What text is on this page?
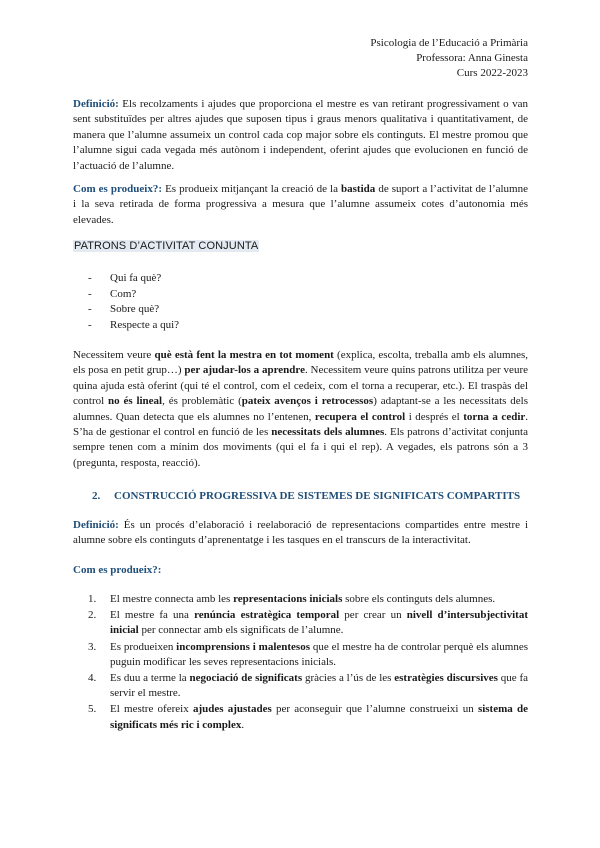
Psicologia de l’Educació a Primària
Professora: Anna Ginesta
Curs 2022-2023

Definició: Els recolzaments i ajudes que proporciona el mestre es van retirant progressivament o van sent substituïdes per altres ajudes que suposen tipus i graus menors qualitativa i quantitativament, de manera que l’alumne assumeix un control cada cop major sobre els continguts. El mestre promou que l’alumne sigui cada vegada més autònom i independent, oferint ajudes que evolucionen en funció de l’actuació de l’alumne.

Com es produeix?: Es produeix mitjançant la creació de la bastida de suport a l’activitat de l’alumne i la seva retirada de forma progressiva a mesura que l’alumne assumeix cotes d’autonomia més elevades.

PATRONS D’ACTIVITAT CONJUNTA
- Qui fa què?
- Com?
- Sobre què?
- Respecte a qui?

Necessitem veure què està fent la mestra en tot moment (explica, escolta, treballa amb els alumnes, els posa en petit grup…) per ajudar-los a aprendre. Necessitem veure quins patrons utilitza per veure quina ajuda està oferint (qui té el control, com el cedeix, com el torna a recuperar, etc.). El traspàs del control no és lineal, és problemàtic (pateix avenços i retrocessos) adaptant-se a les necessitats dels alumnes. Quan detecta que els alumnes no l’entenen, recupera el control i després el torna a cedir. S’ha de gestionar el control en funció de les necessitats dels alumnes. Els patrons d’activitat conjunta sempre tenen com a mínim dos moviments (qui el fa i qui el rep). A vegades, els patrons són a 3 (pregunta, resposta, reacció).

2. CONSTRUCCIÓ PROGRESSIVA DE SISTEMES DE SIGNIFICATS COMPARTITS

Definició: És un procés d’elaboració i reelaboració de representacions compartides entre mestre i alumne sobre els continguts d’aprenentatge i les tasques en el transcurs de la interactivitat.

Com es produeix?:
1. El mestre connecta amb les representacions inicials sobre els continguts dels alumnes.
2. El mestre fa una renúncia estratègica temporal per crear un nivell d’intersubjectivitat inicial per connectar amb els significats de l’alumne.
3. Es produeixen incomprensions i malentesos que el mestre ha de controlar perquè els alumnes puguin modificar les seves representacions inicials.
4. Es duu a terme la negociació de significats gràcies a l’ús de les estratègies discursives que fa servir el mestre.
5. El mestre ofereix ajudes ajustades per aconseguir que l’alumne construeixi un sistema de significats més ric i complex.
